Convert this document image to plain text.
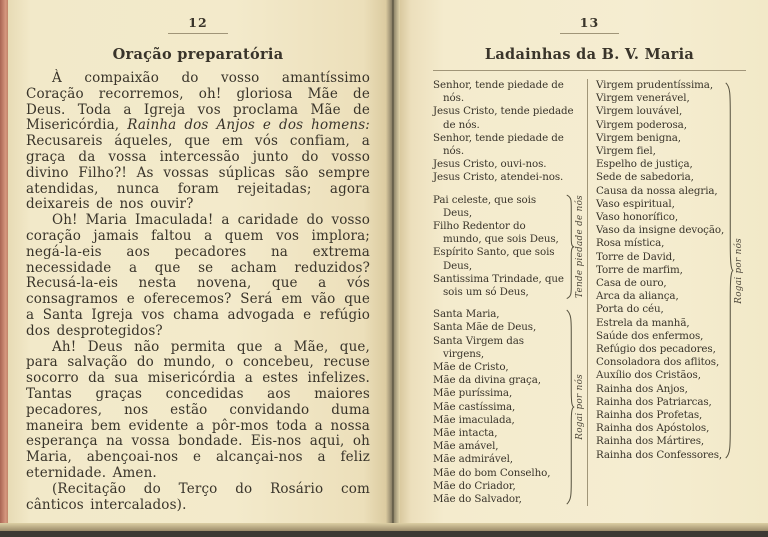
12
Oração preparatória

À compaixão do vosso amantíssimo Coração recorremos, oh! gloriosa Mãe de Deus. Toda a Igreja vos proclama Mãe de Misericórdia, Rainha dos Anjos e dos homens: Recusareis áqueles, que em vós confiam, a graça da vossa intercessão junto do vosso divino Filho?! As vossas súplicas são sempre atendidas, nunca foram rejeitadas; agora deixareis de nos ouvir?

Oh! Maria Imaculada! a caridade do vosso coração jamais faltou a quem vos implora; negá-la-eis aos pecadores na extrema necessidade a que se acham reduzidos? Recusá-la-eis nesta novena, que a vós consagramos e oferecemos? Será em vão que a Santa Igreja vos chama advogada e refúgio dos desprotegidos?

Ah! Deus não permita que a Mãe, que, para salvação do mundo, o concebeu, recuse socorro da sua misericórdia a estes infelizes. Tantas graças concedidas aos maiores pecadores, nos estão convidando duma maneira bem evidente a pôr-mos toda a nossa esperança na vossa bondade. Eis-nos aqui, oh Maria, abençoai-nos e alcançai-nos a feliz eternidade. Amen.

(Recitação do Terço do Rosário com cânticos intercalados).

13
Ladainhas da B. V. Maria
Senhor, tende piedade de nós.
Jesus Cristo, tende piedade de nós.
Senhor, tende piedade de nós.
Jesus Cristo, ouvi-nos.
Jesus Cristo, atendei-nos.
Pai celeste, que sois Deus,
Filho Redentor do mundo, que sois Deus,
Espírito Santo, que sois Deus,
Santissima Trindade, que sois um só Deus,	Tende piedade de nós
Santa Maria,
Santa Mãe de Deus,
Santa Virgem das virgens,
Mãe de Cristo,
Mãe da divina graça,
Mãe puríssima,
Mãe castíssima,
Mãe imaculada,
Mãe intacta,
Mãe amável,
Mãe admirável,
Mãe do bom Conselho,
Mãe do Criador,
Mãe do Salvador,
Rogai por nós
Virgem prudentíssima,
Virgem venerável,
Virgem louvável,
Virgem poderosa,
Virgem benigna,
Virgem fiel,
Espelho de justiça,
Sede de sabedoria,
Causa da nossa alegria,
Vaso espiritual,
Vaso honorífico,
Vaso da insigne devoção,
Rosa mística,
Torre de David,
Torre de marfim,
Casa de ouro,
Arca da aliança,
Porta do céu,
Estrela da manhã,
Saúde dos enfermos,
Refúgio dos pecadores,
Consoladora dos aflitos,
Auxílio dos Cristãos,
Rainha dos Anjos,
Rainha dos Patriarcas,
Rainha dos Profetas,
Rainha dos Apóstolos,
Rainha dos Mártires,
Rainha dos Confessores,
Rogai por nós
